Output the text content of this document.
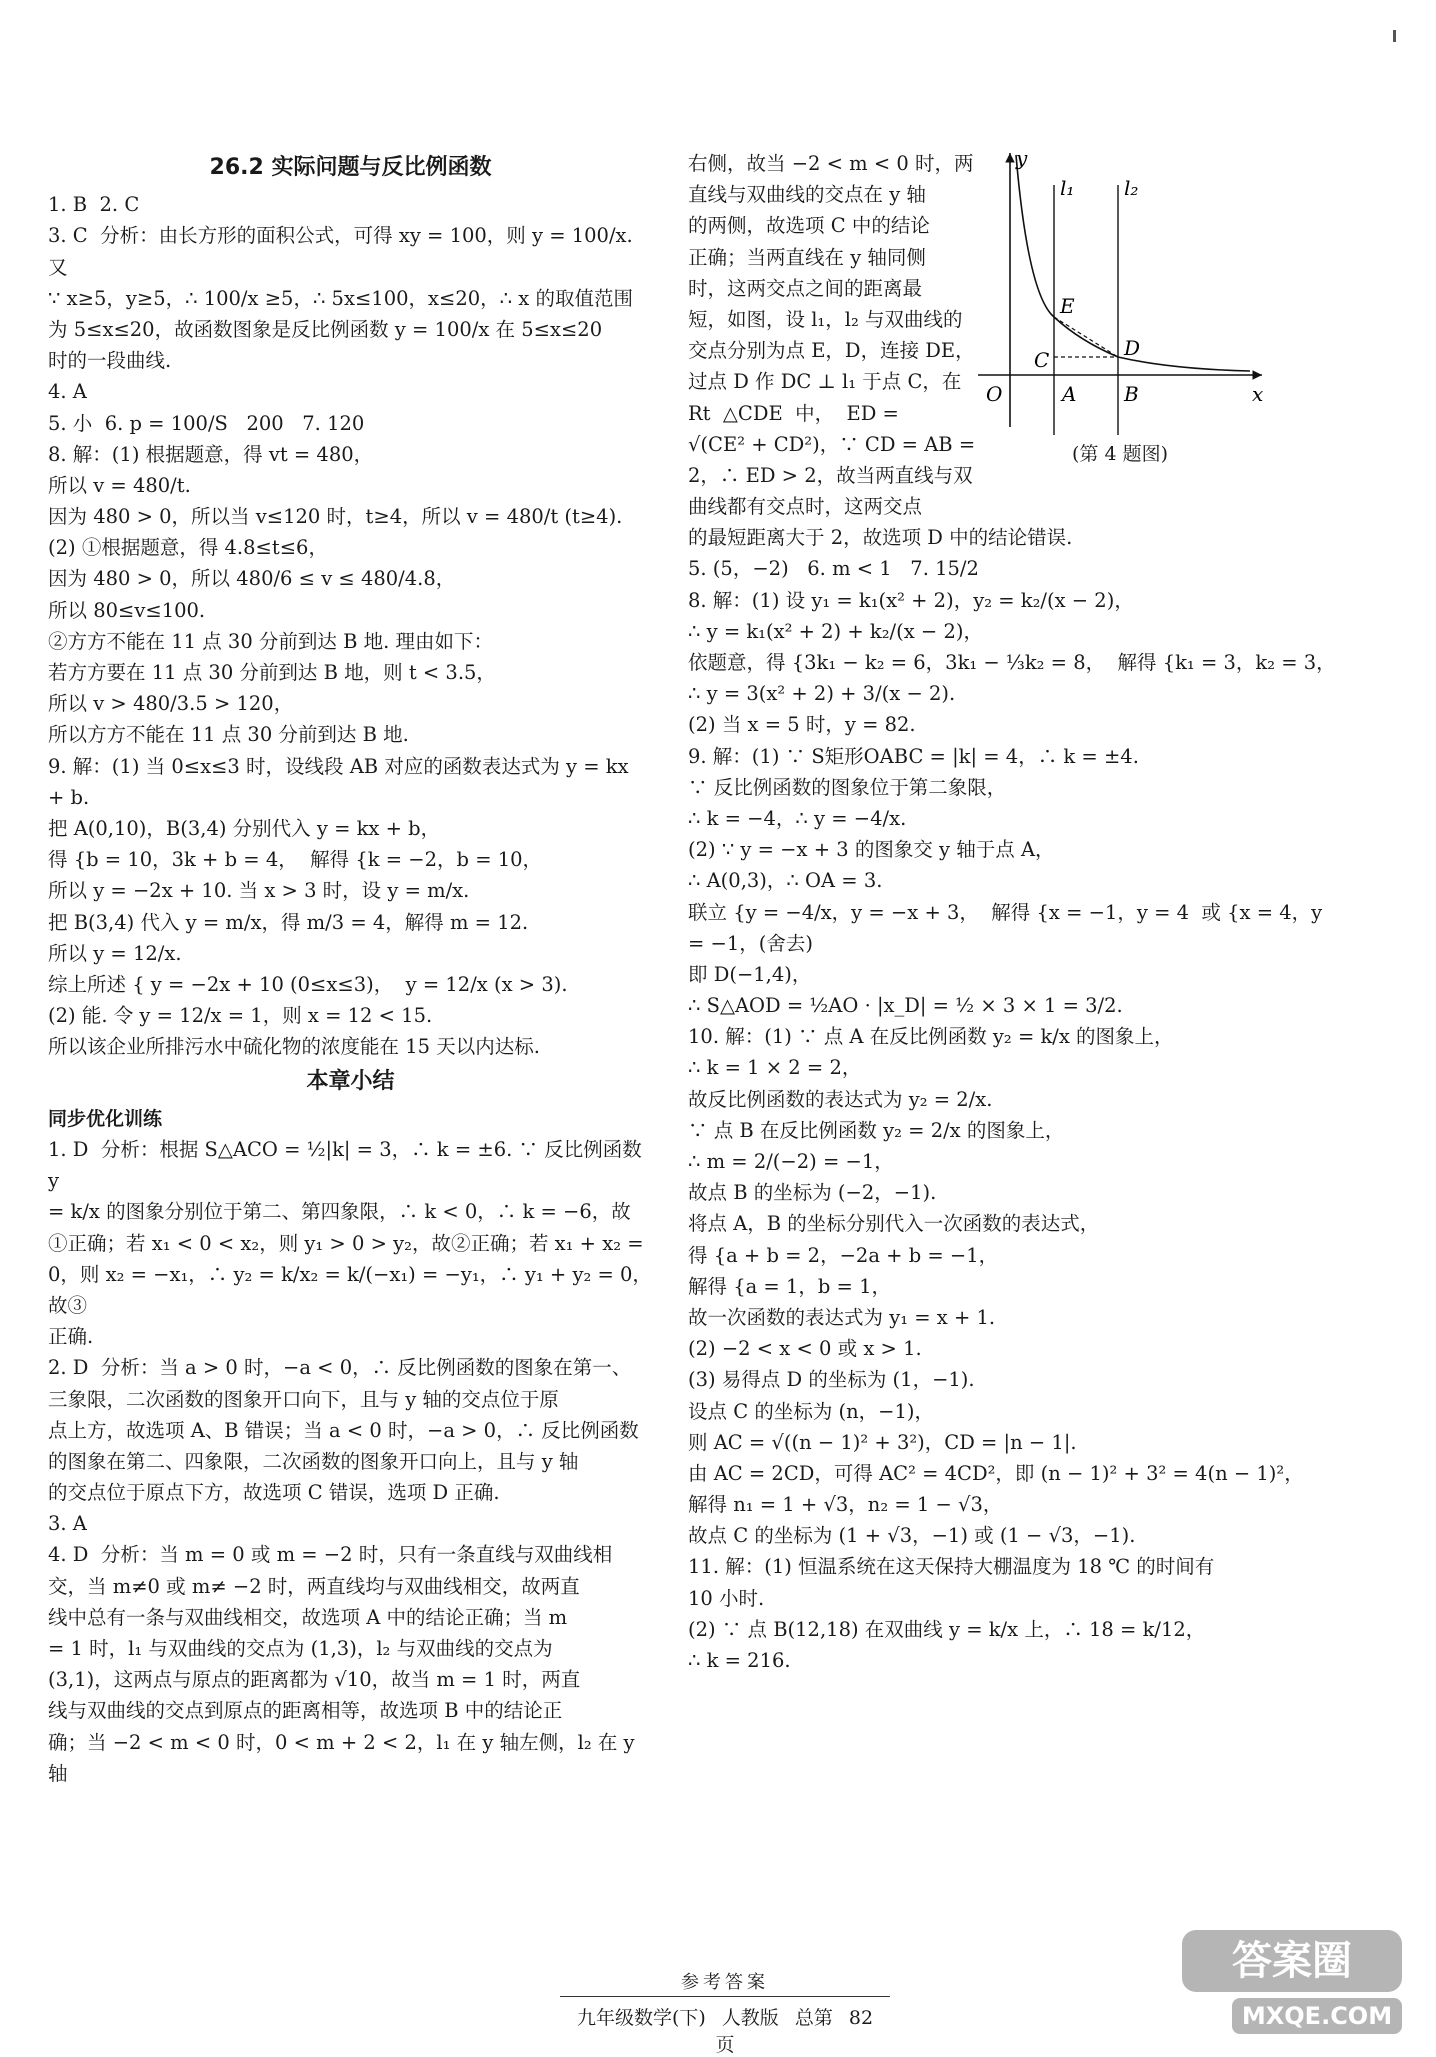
26.2 实际问题与反比例函数
1. B  2. C
3. C  分析：由长方形的面积公式，可得 xy = 100，则 y = 100/x. 又
∵ x≥5，y≥5，∴ 100/x ≥5，∴ 5x≤100，x≤20，∴ x 的取值范围
为 5≤x≤20，故函数图象是反比例函数 y = 100/x 在 5≤x≤20
时的一段曲线.
4. A
5. 小  6. p = 100/S   200   7. 120
8. 解：(1) 根据题意，得 vt = 480，
所以 v = 480/t.
因为 480 > 0，所以当 v≤120 时，t≥4，所以 v = 480/t (t≥4).
(2) ①根据题意，得 4.8≤t≤6，
因为 480 > 0，所以 480/6 ≤ v ≤ 480/4.8，
所以 80≤v≤100.
②方方不能在 11 点 30 分前到达 B 地. 理由如下：
若方方要在 11 点 30 分前到达 B 地，则 t < 3.5，
所以 v > 480/3.5 > 120，
所以方方不能在 11 点 30 分前到达 B 地.
9. 解：(1) 当 0≤x≤3 时，设线段 AB 对应的函数表达式为 y = kx
+ b.
把 A(0,10)，B(3,4) 分别代入 y = kx + b，
得 {b = 10，3k + b = 4，  解得 {k = −2，b = 10，
所以 y = −2x + 10. 当 x > 3 时，设 y = m/x.
把 B(3,4) 代入 y = m/x，得 m/3 = 4，解得 m = 12.
所以 y = 12/x.
综上所述 { y = −2x + 10 (0≤x≤3)，  y = 12/x (x > 3).
(2) 能. 令 y = 12/x = 1，则 x = 12 < 15.
所以该企业所排污水中硫化物的浓度能在 15 天以内达标.
本章小结
同步优化训练
1. D  分析：根据 S△ACO = ½|k| = 3，∴ k = ±6. ∵ 反比例函数 y
= k/x 的图象分别位于第二、第四象限，∴ k < 0，∴ k = −6，故
①正确；若 x₁ < 0 < x₂，则 y₁ > 0 > y₂，故②正确；若 x₁ + x₂ =
0，则 x₂ = −x₁，∴ y₂ = k/x₂ = k/(−x₁) = −y₁，∴ y₁ + y₂ = 0，故③
正确.
2. D  分析：当 a > 0 时，−a < 0，∴ 反比例函数的图象在第一、
三象限，二次函数的图象开口向下，且与 y 轴的交点位于原
点上方，故选项 A、B 错误；当 a < 0 时，−a > 0，∴ 反比例函数
的图象在第二、四象限，二次函数的图象开口向上，且与 y 轴
的交点位于原点下方，故选项 C 错误，选项 D 正确.
3. A
4. D  分析：当 m = 0 或 m = −2 时，只有一条直线与双曲线相
交，当 m≠0 或 m≠ −2 时，两直线均与双曲线相交，故两直
线中总有一条与双曲线相交，故选项 A 中的结论正确；当 m
= 1 时，l₁ 与双曲线的交点为 (1,3)，l₂ 与双曲线的交点为
(3,1)，这两点与原点的距离都为 √10，故当 m = 1 时，两直
线与双曲线的交点到原点的距离相等，故选项 B 中的结论正
确；当 −2 < m < 0 时，0 < m + 2 < 2，l₁ 在 y 轴左侧，l₂ 在 y 轴
右侧，故当 −2 < m < 0 时，两
直线与双曲线的交点在 y 轴
的两侧，故选项 C 中的结论
正确；当两直线在 y 轴同侧
时，这两交点之间的距离最
短，如图，设 l₁，l₂ 与双曲线的
交点分别为点 E，D，连接 DE，
过点 D 作 DC ⊥ l₁ 于点 C，在
Rt  △CDE  中，  ED =
√(CE² + CD²)，∵ CD = AB =
2，∴ ED > 2，故当两直线与双
曲线都有交点时，这两交点
的最短距离大于 2，故选项 D 中的结论错误.
5. (5，−2)   6. m < 1   7. 15/2
8. 解：(1) 设 y₁ = k₁(x² + 2)，y₂ = k₂/(x − 2)，
∴ y = k₁(x² + 2) + k₂/(x − 2)，
依题意，得 {3k₁ − k₂ = 6，3k₁ − ⅓k₂ = 8，  解得 {k₁ = 3，k₂ = 3，
∴ y = 3(x² + 2) + 3/(x − 2).
(2) 当 x = 5 时，y = 82.
9. 解：(1) ∵ S矩形OABC = |k| = 4，∴ k = ±4.
∵ 反比例函数的图象位于第二象限，
∴ k = −4，∴ y = −4/x.
(2) ∵ y = −x + 3 的图象交 y 轴于点 A，
∴ A(0,3)，∴ OA = 3.
联立 {y = −4/x，y = −x + 3，  解得 {x = −1，y = 4  或 {x = 4，y = −1，(舍去)
即 D(−1,4)，
∴ S△AOD = ½AO · |x_D| = ½ × 3 × 1 = 3/2.
10. 解：(1) ∵ 点 A 在反比例函数 y₂ = k/x 的图象上，
∴ k = 1 × 2 = 2，
故反比例函数的表达式为 y₂ = 2/x.
∵ 点 B 在反比例函数 y₂ = 2/x 的图象上，
∴ m = 2/(−2) = −1，
故点 B 的坐标为 (−2，−1).
将点 A，B 的坐标分别代入一次函数的表达式，
得 {a + b = 2，−2a + b = −1，
解得 {a = 1，b = 1，
故一次函数的表达式为 y₁ = x + 1.
(2) −2 < x < 0 或 x > 1.
(3) 易得点 D 的坐标为 (1，−1).
设点 C 的坐标为 (n，−1)，
则 AC = √((n − 1)² + 3²)，CD = |n − 1|.
由 AC = 2CD，可得 AC² = 4CD²，即 (n − 1)² + 3² = 4(n − 1)²，
解得 n₁ = 1 + √3，n₂ = 1 − √3，
故点 C 的坐标为 (1 + √3，−1) 或 (1 − √3，−1).
11. 解：(1) 恒温系统在这天保持大棚温度为 18 ℃ 的时间有
10 小时.
(2) ∵ 点 B(12,18) 在双曲线 y = k/x 上，∴ 18 = k/12，
∴ k = 216.
y
x
O	A B
C	D
E
l₁ l₂
(第 4 题图)
参考答案
九年级数学(下) 人教版 总第 82 页
答案圈
MXQE.COM
